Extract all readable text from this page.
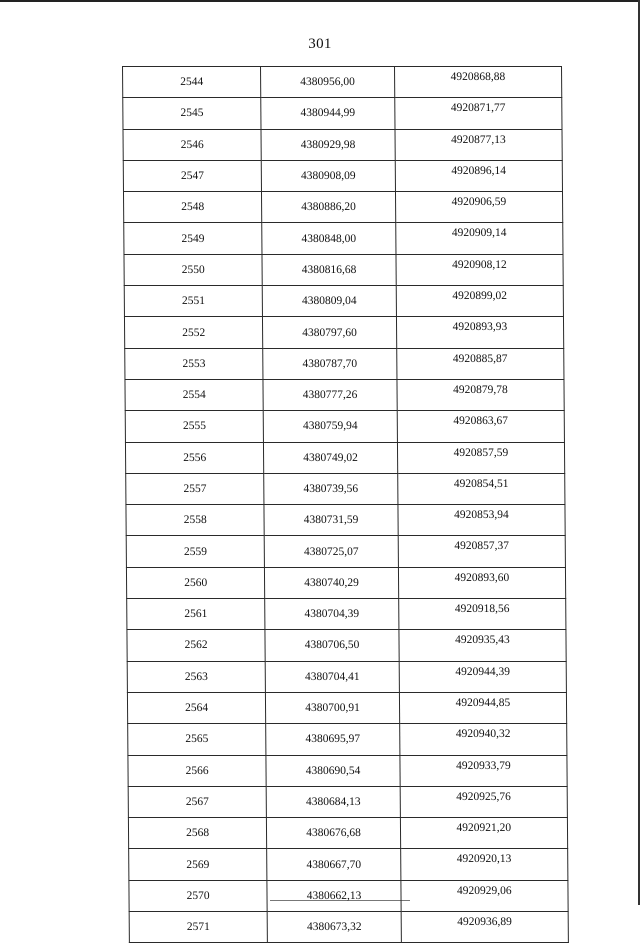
301
2544	4380956,00	4920868,88
2545	4380944,99	4920871,77
2546	4380929,98	4920877,13
2547	4380908,09	4920896,14
2548	4380886,20	4920906,59
2549	4380848,00	4920909,14
2550	4380816,68	4920908,12
2551	4380809,04	4920899,02
2552	4380797,60	4920893,93
2553	4380787,70	4920885,87
2554	4380777,26	4920879,78
2555	4380759,94	4920863,67
2556	4380749,02	4920857,59
2557	4380739,56	4920854,51
2558	4380731,59	4920853,94
2559	4380725,07	4920857,37
2560	4380740,29	4920893,60
2561	4380704,39	4920918,56
2562	4380706,50	4920935,43
2563	4380704,41	4920944,39
2564	4380700,91	4920944,85
2565	4380695,97	4920940,32
2566	4380690,54	4920933,79
2567	4380684,13	4920925,76
2568	4380676,68	4920921,20
2569	4380667,70	4920920,13
2570	4380662,13	4920929,06
2571	4380673,32	4920936,89
